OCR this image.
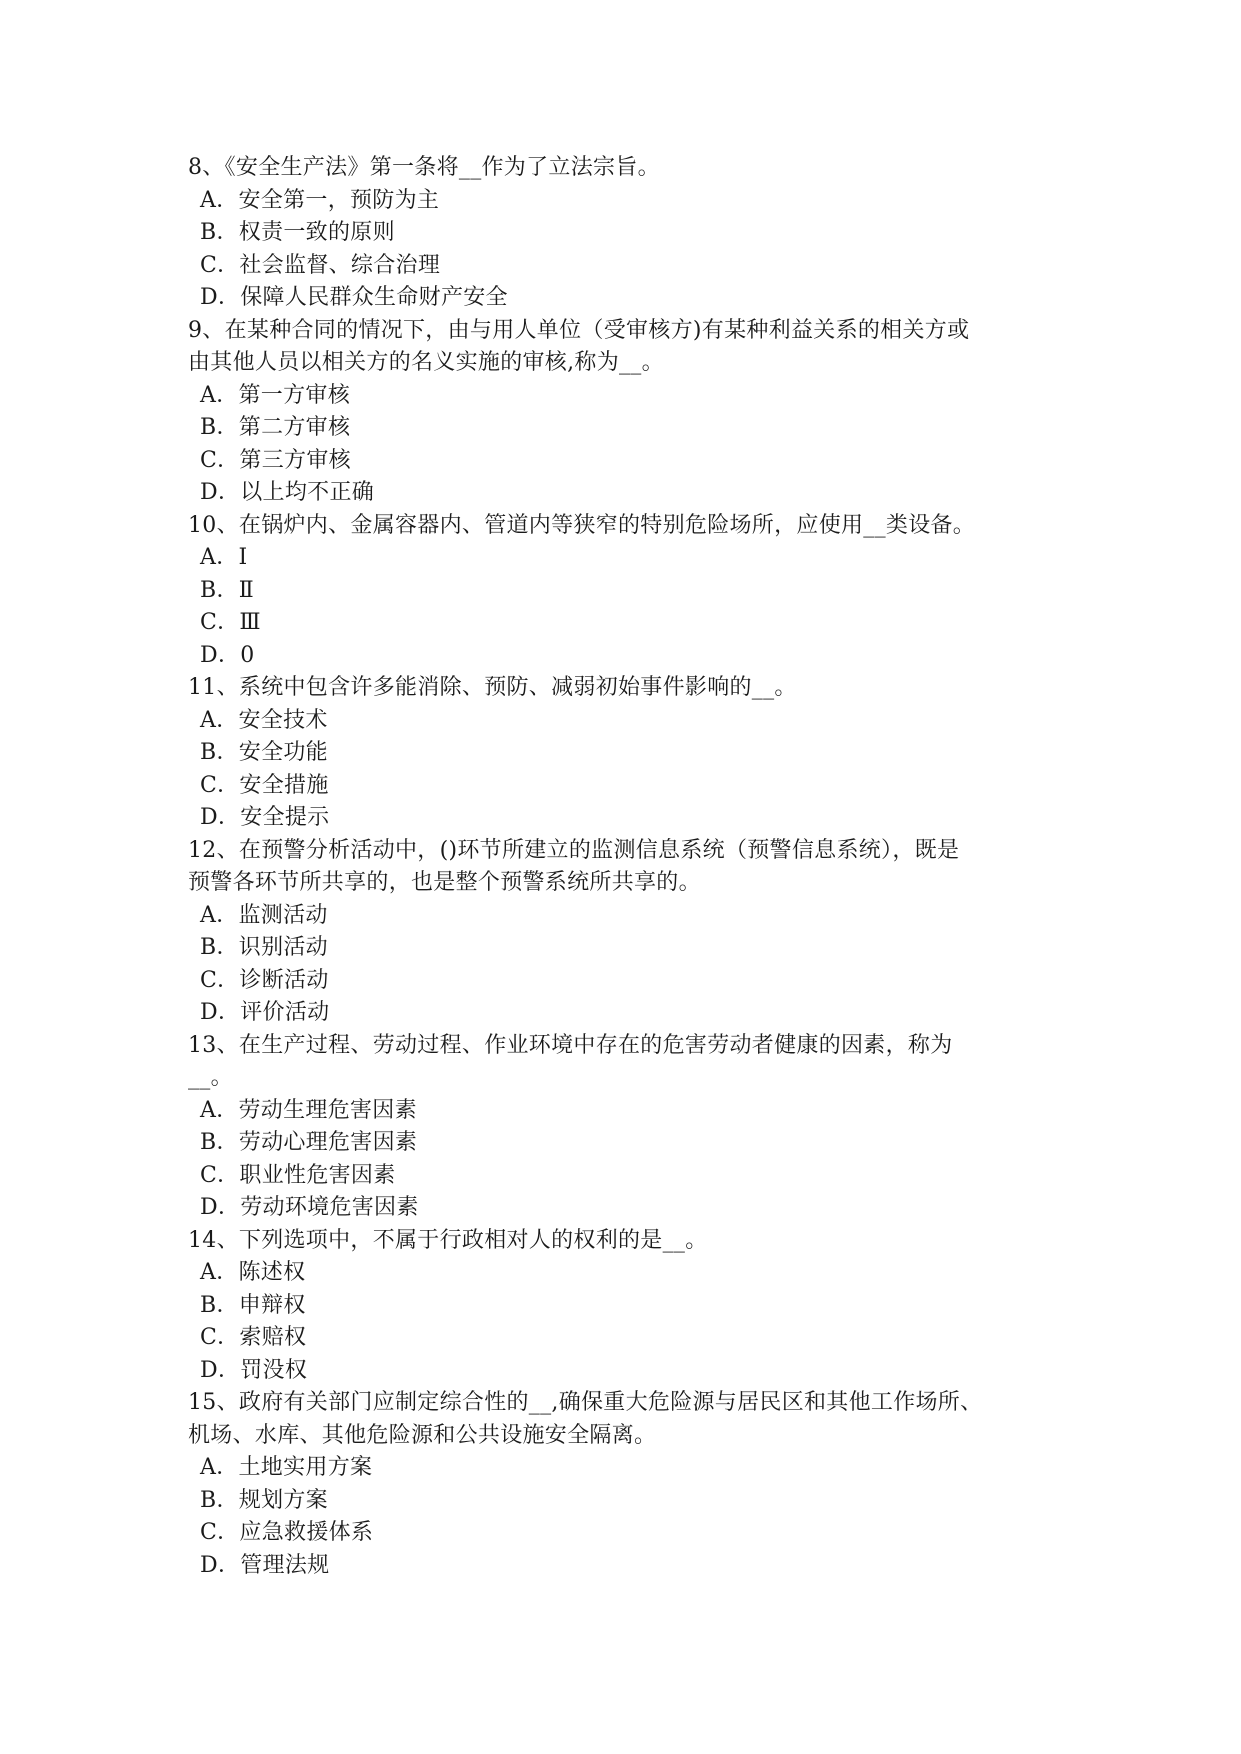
8、《安全生产法》第一条将__作为了立法宗旨。
A．安全第一，预防为主
B．权责一致的原则
C．社会监督、综合治理
D．保障人民群众生命财产安全
9、在某种合同的情况下，由与用人单位（受审核方)有某种利益关系的相关方或
由其他人员以相关方的名义实施的审核,称为__。
A．第一方审核
B．第二方审核
C．第三方审核
D．以上均不正确
10、在锅炉内、金属容器内、管道内等狭窄的特别危险场所，应使用__类设备。
A．Ⅰ
B．Ⅱ
C．Ⅲ
D．0
11、系统中包含许多能消除、预防、减弱初始事件影响的__。
A．安全技术
B．安全功能
C．安全措施
D．安全提示
12、在预警分析活动中，()环节所建立的监测信息系统（预警信息系统），既是
预警各环节所共享的，也是整个预警系统所共享的。
A．监测活动
B．识别活动
C．诊断活动
D．评价活动
13、在生产过程、劳动过程、作业环境中存在的危害劳动者健康的因素，称为
__。
A．劳动生理危害因素
B．劳动心理危害因素
C．职业性危害因素
D．劳动环境危害因素
14、下列选项中，不属于行政相对人的权利的是__。
A．陈述权
B．申辩权
C．索赔权
D．罚没权
15、政府有关部门应制定综合性的__,确保重大危险源与居民区和其他工作场所、
机场、水库、其他危险源和公共设施安全隔离。
A．土地实用方案
B．规划方案
C．应急救援体系
D．管理法规
